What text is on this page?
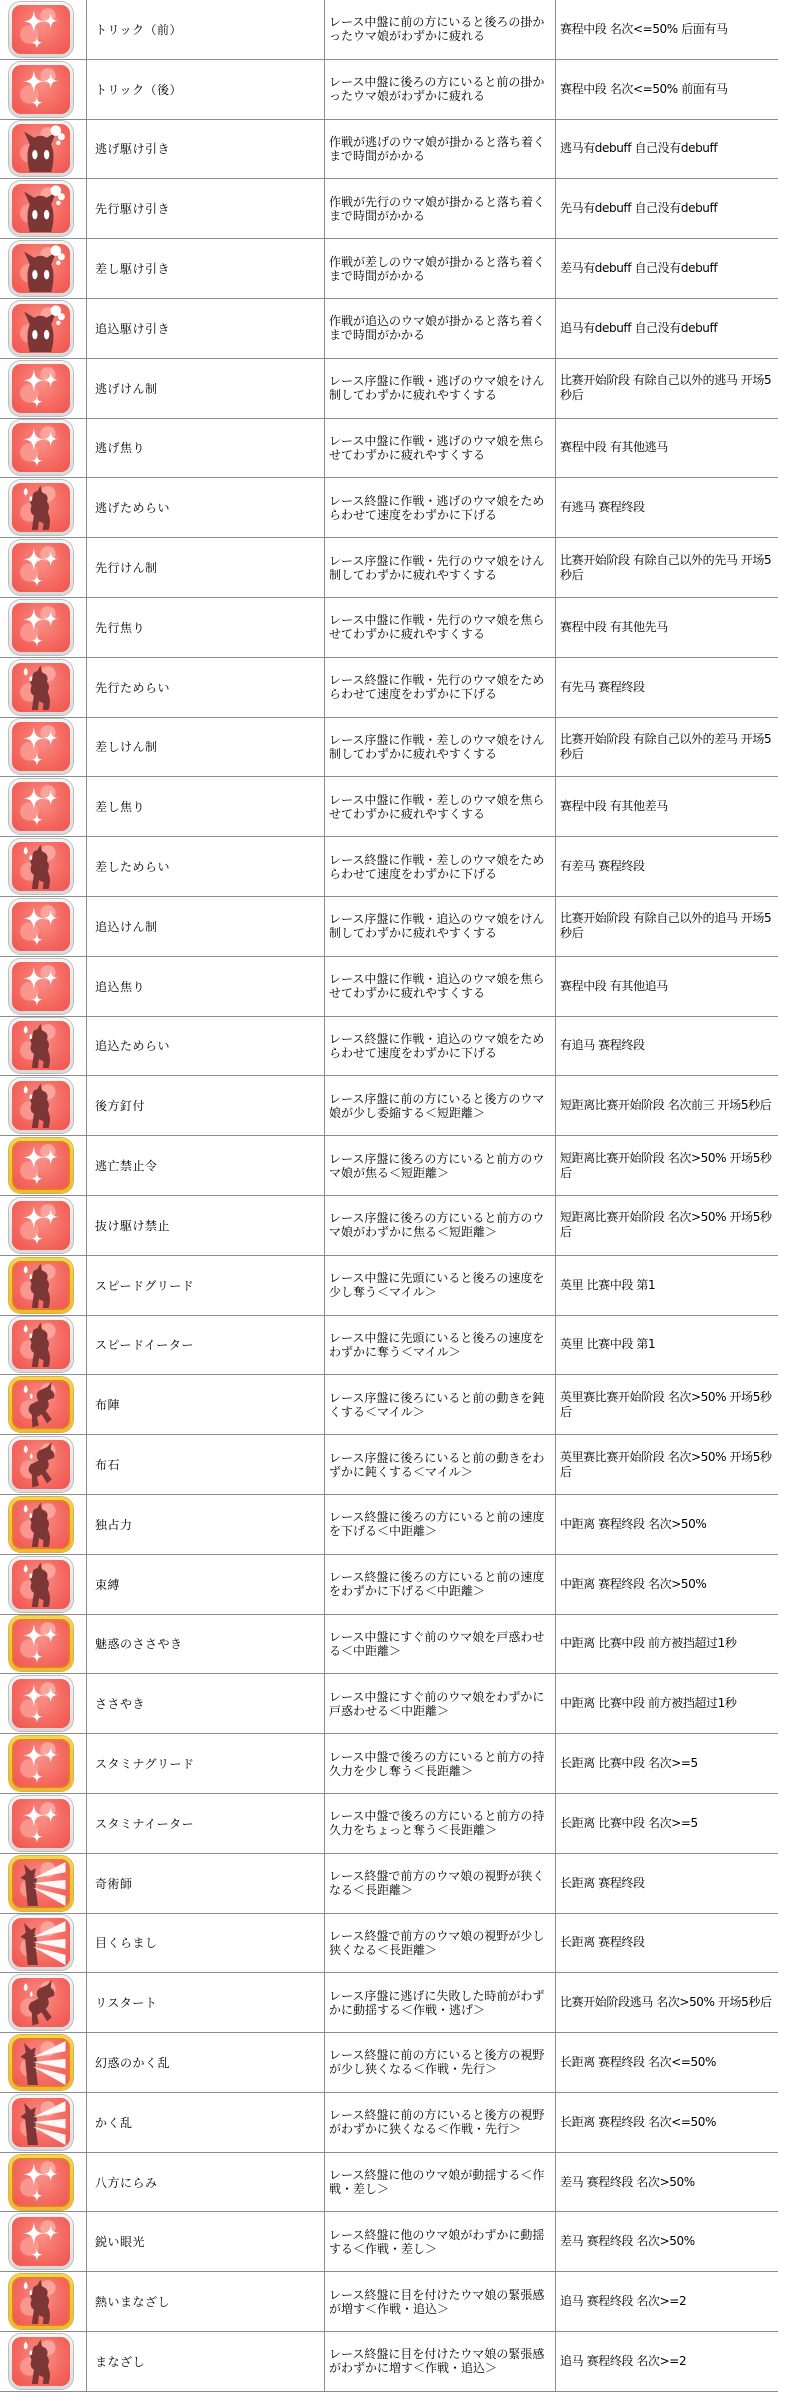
トリック（前）
レース中盤に前の方にいると後ろの掛かったウマ娘がわずかに疲れる
赛程中段 名次<=50% 后面有马
トリック（後）
レース中盤に後ろの方にいると前の掛かったウマ娘がわずかに疲れる
赛程中段 名次<=50% 前面有马
逃げ駆け引き
作戦が逃げのウマ娘が掛かると落ち着くまで時間がかかる
逃马有debuff 自己没有debuff
先行駆け引き
作戦が先行のウマ娘が掛かると落ち着くまで時間がかかる
先马有debuff 自己没有debuff
差し駆け引き
作戦が差しのウマ娘が掛かると落ち着くまで時間がかかる
差马有debuff 自己没有debuff
追込駆け引き
作戦が追込のウマ娘が掛かると落ち着くまで時間がかかる
追马有debuff 自己没有debuff
逃げけん制
レース序盤に作戦・逃げのウマ娘をけん制してわずかに疲れやすくする
比赛开始阶段 有除自己以外的逃马 开场5秒后
逃げ焦り
レース中盤に作戦・逃げのウマ娘を焦らせてわずかに疲れやすくする
赛程中段 有其他逃马
逃げためらい
レース終盤に作戦・逃げのウマ娘をためらわせて速度をわずかに下げる
有逃马 赛程终段
先行けん制
レース序盤に作戦・先行のウマ娘をけん制してわずかに疲れやすくする
比赛开始阶段 有除自己以外的先马 开场5秒后
先行焦り
レース中盤に作戦・先行のウマ娘を焦らせてわずかに疲れやすくする
赛程中段 有其他先马
先行ためらい
レース終盤に作戦・先行のウマ娘をためらわせて速度をわずかに下げる
有先马 赛程终段
差しけん制
レース序盤に作戦・差しのウマ娘をけん制してわずかに疲れやすくする
比赛开始阶段 有除自己以外的差马 开场5秒后
差し焦り
レース中盤に作戦・差しのウマ娘を焦らせてわずかに疲れやすくする
赛程中段 有其他差马
差しためらい
レース終盤に作戦・差しのウマ娘をためらわせて速度をわずかに下げる
有差马 赛程终段
追込けん制
レース序盤に作戦・追込のウマ娘をけん制してわずかに疲れやすくする
比赛开始阶段 有除自己以外的追马 开场5秒后
追込焦り
レース中盤に作戦・追込のウマ娘を焦らせてわずかに疲れやすくする
赛程中段 有其他追马
追込ためらい
レース終盤に作戦・追込のウマ娘をためらわせて速度をわずかに下げる
有追马 赛程终段
後方釘付
レース序盤に前の方にいると後方のウマ娘が少し委縮する＜短距離＞
短距离比赛开始阶段 名次前三 开场5秒后
逃亡禁止令
レース序盤に後ろの方にいると前方のウマ娘が焦る＜短距離＞
短距离比赛开始阶段 名次>50% 开场5秒后
抜け駆け禁止
レース序盤に後ろの方にいると前方のウマ娘がわずかに焦る＜短距離＞
短距离比赛开始阶段 名次>50% 开场5秒后
スピードグリード
レース中盤に先頭にいると後ろの速度を少し奪う＜マイル＞
英里 比赛中段 第1
スピードイーター
レース中盤に先頭にいると後ろの速度をわずかに奪う＜マイル＞
英里 比赛中段 第1
布陣
レース序盤に後ろにいると前の動きを鈍くする＜マイル＞
英里赛比赛开始阶段 名次>50% 开场5秒后
布石
レース序盤に後ろにいると前の動きをわずかに鈍くする＜マイル＞
英里赛比赛开始阶段 名次>50% 开场5秒后
独占力
レース終盤に後ろの方にいると前の速度を下げる＜中距離＞
中距离 赛程终段 名次>50%
束縛
レース終盤に後ろの方にいると前の速度をわずかに下げる＜中距離＞
中距离 赛程终段 名次>50%
魅惑のささやき
レース中盤にすぐ前のウマ娘を戸惑わせる＜中距離＞
中距离 比赛中段 前方被挡超过1秒
ささやき
レース中盤にすぐ前のウマ娘をわずかに戸惑わせる＜中距離＞
中距离 比赛中段 前方被挡超过1秒
スタミナグリード
レース中盤で後ろの方にいると前方の持久力を少し奪う＜長距離＞
长距离 比赛中段 名次>=5
スタミナイーター
レース中盤で後ろの方にいると前方の持久力をちょっと奪う＜長距離＞
长距离 比赛中段 名次>=5
奇術師
レース終盤で前方のウマ娘の視野が狭くなる＜長距離＞
长距离 赛程终段
目くらまし
レース終盤で前方のウマ娘の視野が少し狭くなる＜長距離＞
长距离 赛程终段
リスタート
レース序盤に逃げに失敗した時前がわずかに動揺する＜作戦・逃げ＞
比赛开始阶段逃马 名次>50% 开场5秒后
幻惑のかく乱
レース終盤に前の方にいると後方の視野が少し狭くなる＜作戦・先行＞
长距离 赛程终段 名次<=50%
かく乱
レース終盤に前の方にいると後方の視野がわずかに狭くなる＜作戦・先行＞
长距离 赛程终段 名次<=50%
八方にらみ
レース終盤に他のウマ娘が動揺する＜作戦・差し＞
差马 赛程终段 名次>50%
鋭い眼光
レース終盤に他のウマ娘がわずかに動揺する＜作戦・差し＞
差马 赛程终段 名次>50%
熱いまなざし
レース終盤に目を付けたウマ娘の緊張感が増す＜作戦・追込＞
追马 赛程终段 名次>=2
まなざし
レース終盤に目を付けたウマ娘の緊張感がわずかに増す＜作戦・追込＞
追马 赛程终段 名次>=2
